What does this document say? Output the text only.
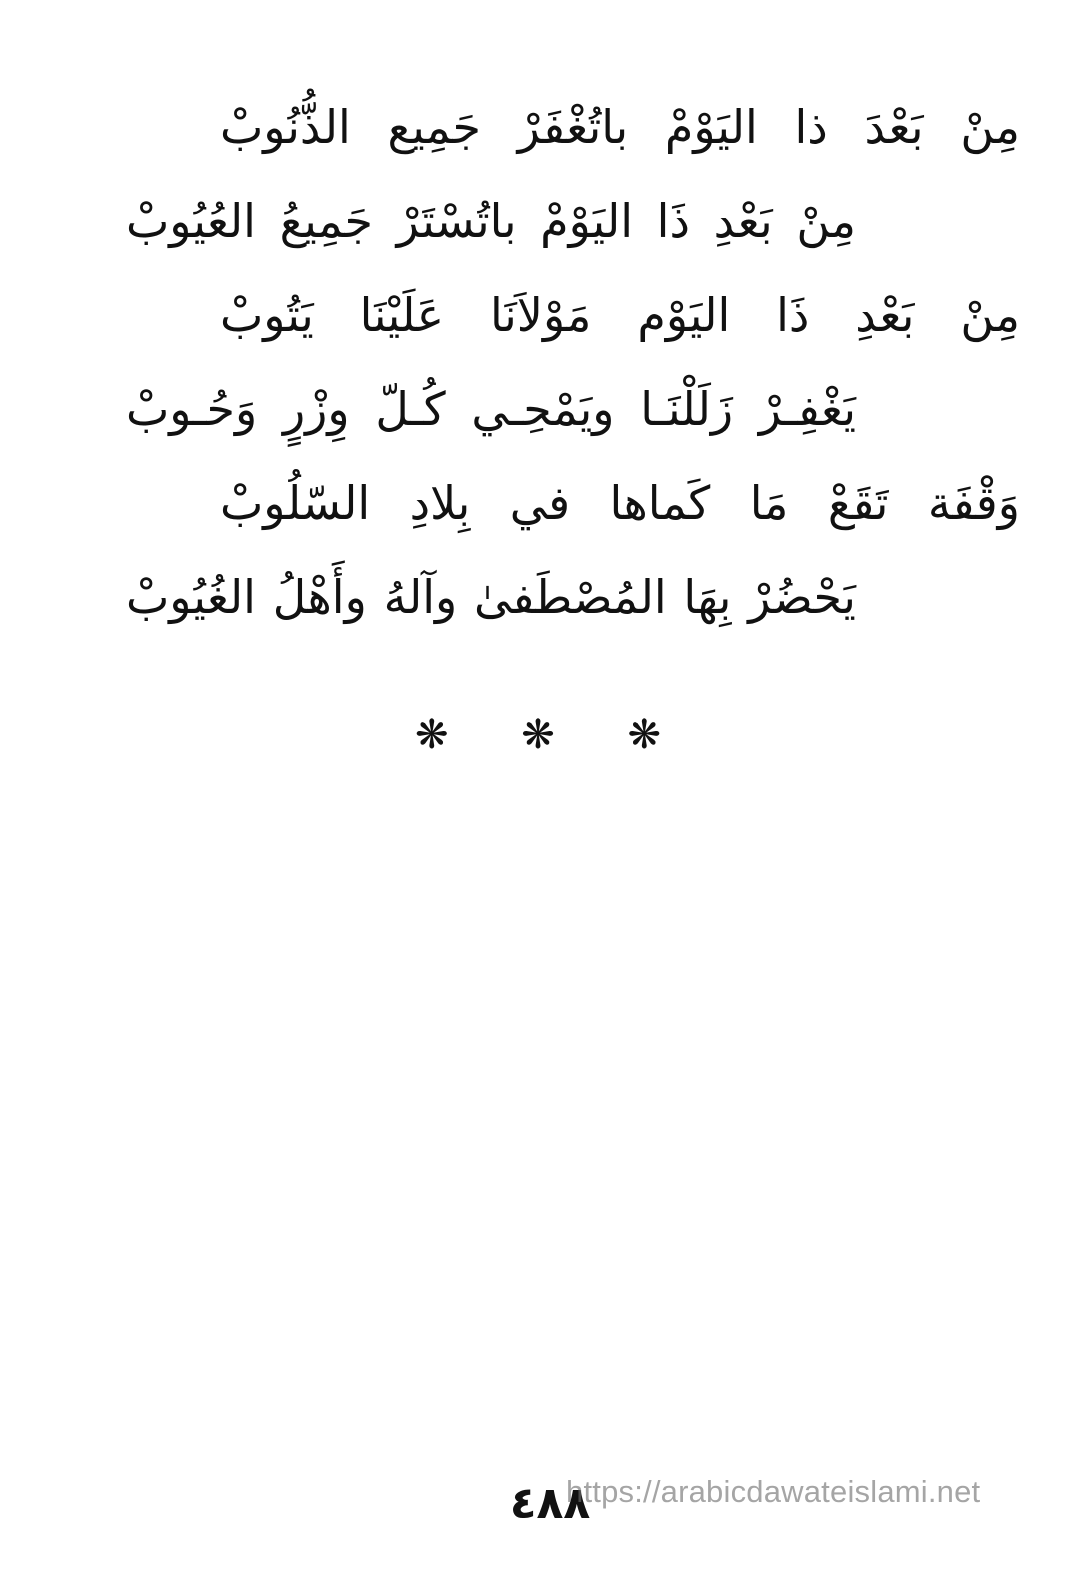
مِنْ بَعْدَ ذا اليَوْمْ باتُغْفَرْ جَمِيع الذُّنُوبْ
مِنْ بَعْدِ ذَا اليَوْمْ باتُسْتَرْ جَمِيعُ العُيُوبْ
مِنْ بَعْدِ ذَا اليَوْم مَوْلاَنَا عَلَيْنَا يَتُوبْ
يَغْفِـرْ زَلَلْنَـا ويَمْحِـي كُـلّ وِزْرٍ وَحُـوبْ
وَقْفَة تَقَعْ مَا كَماها في بِلادِ السّلُوبْ
يَحْضُرْ بِهَا المُصْطَفىٰ وآلهُ وأَهْلُ الغُيُوبْ
❋ ❋ ❋
٤٨٨
https://arabicdawateislami.net
